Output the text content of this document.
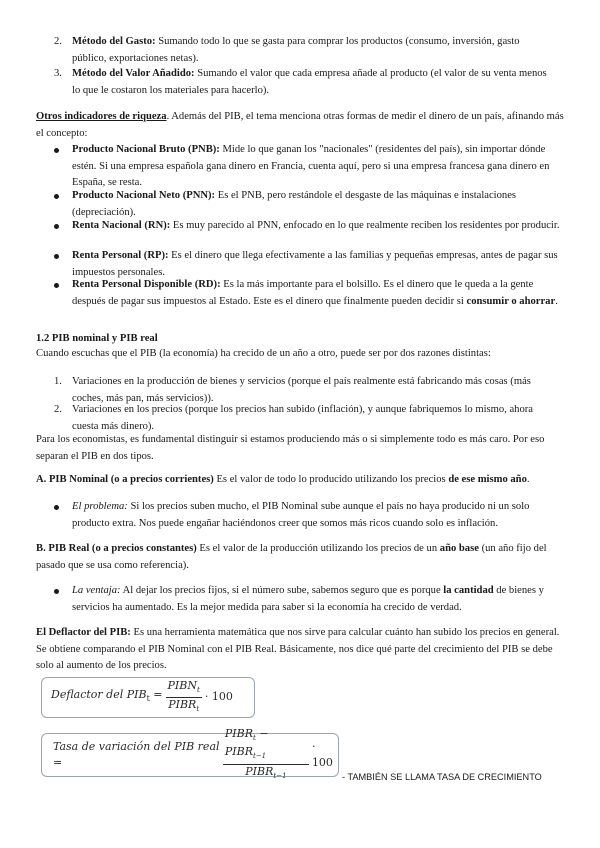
2. Método del Gasto: Sumando todo lo que se gasta para comprar los productos (consumo, inversión, gasto público, exportaciones netas).
3. Método del Valor Añadido: Sumando el valor que cada empresa añade al producto (el valor de su venta menos lo que le costaron los materiales para hacerlo).

Otros indicadores de riqueza. Además del PIB, el tema menciona otras formas de medir el dinero de un país, afinando más el concepto:

Producto Nacional Bruto (PNB): Mide lo que ganan los "nacionales" (residentes del país), sin importar dónde estén. Si una empresa española gana dinero en Francia, cuenta aquí, pero si una empresa francesa gana dinero en España, se resta.
Producto Nacional Neto (PNN): Es el PNB, pero restándole el desgaste de las máquinas e instalaciones (depreciación).
Renta Nacional (RN): Es muy parecido al PNN, enfocado en lo que realmente reciben los residentes por producir.
Renta Personal (RP): Es el dinero que llega efectivamente a las familias y pequeñas empresas, antes de pagar sus impuestos personales.
Renta Personal Disponible (RD): Es la más importante para el bolsillo. Es el dinero que le queda a la gente después de pagar sus impuestos al Estado. Este es el dinero que finalmente pueden decidir si consumir o ahorrar.

1.2 PIB nominal y PIB real

Cuando escuchas que el PIB (la economía) ha crecido de un año a otro, puede ser por dos razones distintas:

1. Variaciones en la producción de bienes y servicios (porque el país realmente está fabricando más cosas (más coches, más pan, más servicios)).
2. Variaciones en los precios (porque los precios han subido (inflación), y aunque fabriquemos lo mismo, ahora cuesta más dinero).

Para los economistas, es fundamental distinguir si estamos produciendo más o si simplemente todo es más caro. Por eso separan el PIB en dos tipos.

A. PIB Nominal (o a precios corrientes) Es el valor de todo lo producido utilizando los precios de ese mismo año.

El problema: Si los precios suben mucho, el PIB Nominal sube aunque el país no haya producido ni un solo producto extra. Nos puede engañar haciéndonos creer que somos más ricos cuando solo es inflación.

B. PIB Real (o a precios constantes) Es el valor de la producción utilizando los precios de un año base (un año fijo del pasado que se usa como referencia).

La ventaja: Al dejar los precios fijos, si el número sube, sabemos seguro que es porque la cantidad de bienes y servicios ha aumentado. Es la mejor medida para saber si la economía ha crecido de verdad.

El Deflactor del PIB: Es una herramienta matemática que nos sirve para calcular cuánto han subido los precios en general. Se obtiene comparando el PIB Nominal con el PIB Real. Básicamente, nos dice qué parte del crecimiento del PIB se debe solo al aumento de los precios.

Deflactor del $PIB_t = \frac{PIBN_t}{PIBR_t} \cdot 100$
Tasa de variación del PIB real =	$\frac{PIBR_t - PIBR_{t-1}}{PIBR_{t-1}} \cdot 100$
- TAMBIÉN SE LLAMA TASA DE CRECIMIENTO
